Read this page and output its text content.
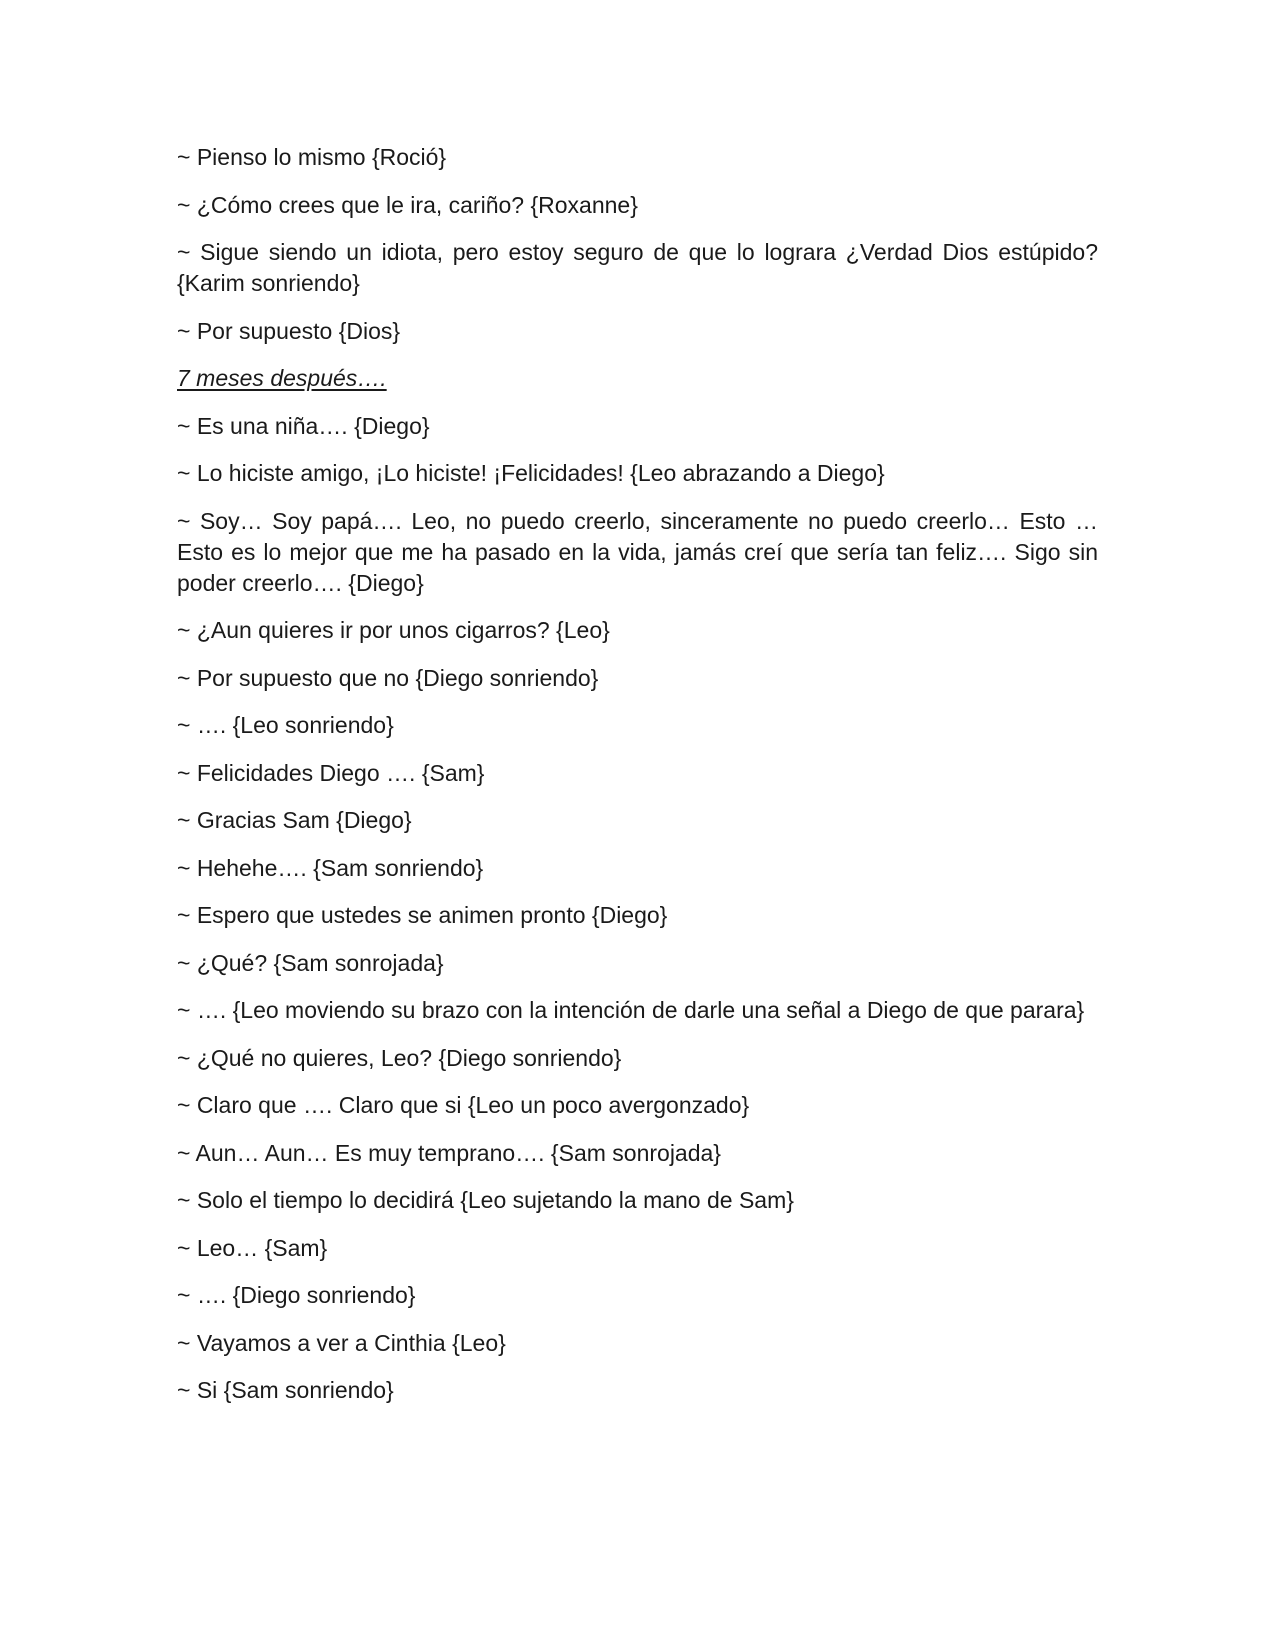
~ Pienso lo mismo {Roció}

~ ¿Cómo crees que le ira, cariño? {Roxanne}

~ Sigue siendo un idiota, pero estoy seguro de que lo lograra ¿Verdad Dios estúpido? {Karim sonriendo}

~ Por supuesto {Dios}

7 meses después….

~ Es una niña…. {Diego}

~ Lo hiciste amigo, ¡Lo hiciste! ¡Felicidades! {Leo abrazando a Diego}

~ Soy… Soy papá…. Leo, no puedo creerlo, sinceramente no puedo creerlo… Esto … Esto es lo mejor que me ha pasado en la vida, jamás creí que sería tan feliz…. Sigo sin poder creerlo…. {Diego}

~ ¿Aun quieres ir por unos cigarros? {Leo}

~ Por supuesto que no {Diego sonriendo}

~ …. {Leo sonriendo}

~ Felicidades Diego …. {Sam}

~ Gracias Sam {Diego}

~ Hehehe…. {Sam sonriendo}

~ Espero que ustedes se animen pronto {Diego}

~ ¿Qué? {Sam sonrojada}

~ …. {Leo moviendo su brazo con la intención de darle una señal a Diego de que parara}

~ ¿Qué no quieres, Leo? {Diego sonriendo}

~ Claro que …. Claro que si {Leo un poco avergonzado}

~ Aun… Aun… Es muy temprano…. {Sam sonrojada}

~ Solo el tiempo lo decidirá {Leo sujetando la mano de Sam}

~ Leo… {Sam}

~ …. {Diego sonriendo}

~ Vayamos a ver a Cinthia {Leo}

~ Si {Sam sonriendo}
